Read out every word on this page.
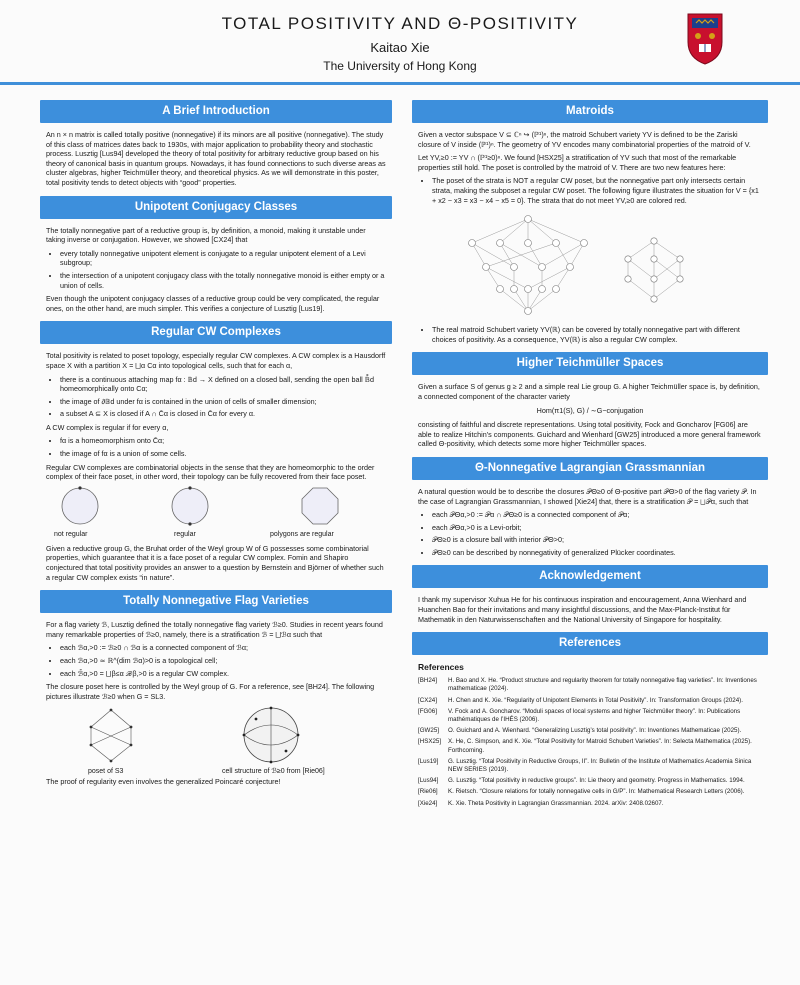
TOTAL POSITIVITY AND Θ-POSITIVITY
Kaitao Xie
The University of Hong Kong
A Brief Introduction

An n × n matrix is called totally positive (nonnegative) if its minors are all positive (nonnegative). The study of this class of matrices dates back to 1930s, with major application to probability theory and stochastic process. Lusztig [Lus94] developed the theory of total positivity for arbitrary reductive group based on his theory of canonical basis in quantum groups. Nowadays, it has found connections to such diverse areas as cluster algebras, higher Teichmüller theory, and theoretical physics. As we will demonstrate in this poster, total positivity tends to detect objects with “good” properties.

Unipotent Conjugacy Classes

The totally nonnegative part of a reductive group is, by definition, a monoid, making it unstable under taking inverse or conjugation. However, we showed [CX24] that

• every totally nonnegative unipotent element is conjugate to a regular unipotent element of a Levi subgroup;
• the intersection of a unipotent conjugacy class with the totally nonnegative monoid is either empty or a union of cells.

Even though the unipotent conjugacy classes of a reductive group could be very complicated, the regular ones, on the other hand, are much simpler. This verifies a conjecture of Lusztig [Lus19].

Regular CW Complexes

Total positivity is related to poset topology, especially regular CW complexes. A CW complex is a Hausdorff space X with a partition X = ⨆α Cα into topological cells, such that for each α,

• there is a continuous attaching map fα : 𝔹d → X defined on a closed ball, sending the open ball 𝔹̊d homeomorphically onto Cα;
• the image of ∂𝔹d under fα is contained in the union of cells of smaller dimension;
• a subset A ⊆ X is closed if A ∩ C̄α is closed in C̄α for every α.

A CW complex is regular if for every α,

• fα is a homeomorphism onto C̄α;
• the image of fα is a union of some cells.

Regular CW complexes are combinatorial objects in the sense that they are homeomorphic to the order complex of their face poset, in other word, their topology can be fully recovered from their face poset.

not regular	regular	polygons are regular

Given a reductive group G, the Bruhat order of the Weyl group W of G possesses some combinatorial properties, which guarantee that it is a face poset of a regular CW complex. Fomin and Shapiro conjectured that total positivity provides an answer to a question by Bernstein and Björner of whether such a regular CW complex exists “in nature”.

Totally Nonnegative Flag Varieties

For a flag variety ℬ, Lusztig defined the totally nonnegative flag variety ℬ≥0. Studies in recent years found many remarkable properties of ℬ≥0, namely, there is a stratification ℬ = ⨆ℬα such that

• each ℬα,>0 := ℬ≥0 ∩ ℬα is a connected component of ℬα;
• each ℬα,>0 ≃ ℝ^(dim ℬα)>0 is a topological cell;
• each ℬ̄α,>0 = ⨆β≤α ℬβ,>0 is a regular CW complex.

The closure poset here is controlled by the Weyl group of G. For a reference, see [BH24]. The following pictures illustrate ℬ≥0 when G = SL3.

poset of S3	cell structure of ℬ≥0 from [Rie06]

The proof of regularity even involves the generalized Poincaré conjecture!

Matroids

Given a vector subspace V ⊆ ℂⁿ ↪ (ℙ¹)ⁿ, the matroid Schubert variety YV is defined to be the Zariski closure of V inside (ℙ¹)ⁿ. The geometry of YV encodes many combinatorial properties of the matroid of V.

Let YV,≥0 := YV ∩ (ℙ¹≥0)ⁿ. We found [HSX25] a stratification of YV such that most of the remarkable properties still hold. The poset is controlled by the matroid of V. There are two new features here:

• The poset of the strata is NOT a regular CW poset, but the nonnegative part only intersects certain strata, making the subposet a regular CW poset. The following figure illustrates the situation for V = {x1 + x2 − x3 = x3 − x4 − x5 = 0}. The strata that do not meet YV,≥0 are colored red.
• The real matroid Schubert variety YV(ℝ) can be covered by totally nonnegative part with different choices of positivity. As a consequence, YV(ℝ) is also a regular CW complex.
Higher Teichmüller Spaces

Given a surface S of genus g ≥ 2 and a simple real Lie group G. A higher Teichmüller space is, by definition, a connected component of the character variety

Hom(π1(S), G) / ∼G−conjugation

consisting of faithful and discrete representations. Using total positivity, Fock and Goncharov [FG06] are able to realize Hitchin’s components. Guichard and Wienhard [GW25] introduced a more general framework called Θ-positivity, which detects some more higher Teichmüller spaces.

Θ-Nonnegative Lagrangian Grassmannian

A natural question would be to describe the closures 𝒫Θ≥0 of Θ-positive part 𝒫Θ>0 of the flag variety 𝒫. In the case of Lagrangian Grassmannian, I showed [Xie24] that, there is a stratification 𝒫 = ⨆𝒫α, such that

• each 𝒫Θα,>0 := 𝒫α ∩ 𝒫Θ≥0 is a connected component of 𝒫α;
• each 𝒫Θα,>0 is a Levi-orbit;
• 𝒫Θ≥0 is a closure ball with interior 𝒫Θ>0;
• 𝒫Θ≥0 can be described by nonnegativity of generalized Plücker coordinates.
Acknowledgement

I thank my supervisor Xuhua He for his continuous inspiration and encouragement, Anna Wienhard and Huanchen Bao for their invitations and many insightful discussions, and the Max-Planck-Institut für Mathematik in den Naturwissenschaften and the National University of Singapore for hospitality.

References
References
[BH24]	H. Bao and X. He. “Product structure and regularity theorem for totally nonnegative flag varieties”. In: Inventiones mathematicae (2024).
[CX24]	H. Chen and K. Xie. “Regularity of Unipotent Elements in Total Positivity”. In: Transformation Groups (2024).
[FG06]	V. Fock and A. Goncharov. “Moduli spaces of local systems and higher Teichmüller theory”. In: Publications mathématiques de l’IHÉS (2006).
[GW25]	O. Guichard and A. Wienhard. “Generalizing Lusztig’s total positivity”. In: Inventiones Mathematicae (2025).
[HSX25]	X. He, C. Simpson, and K. Xie. “Total Positivity for Matroid Schubert Varieties”. In: Selecta Mathematica (2025). Forthcoming.
[Lus19]	G. Lusztig. “Total Positivity in Reductive Groups, II”. In: Bulletin of the Institute of Mathematics Academia Sinica NEW SERIES (2019).
[Lus94]	G. Lusztig. “Total positivity in reductive groups”. In: Lie theory and geometry. Progress in Mathematics. 1994.
[Rie06]	K. Rietsch. “Closure relations for totally nonnegative cells in G/P”. In: Mathematical Research Letters (2006).
[Xie24]	K. Xie. Theta Positivity in Lagrangian Grassmannian. 2024. arXiv: 2408.02607.
